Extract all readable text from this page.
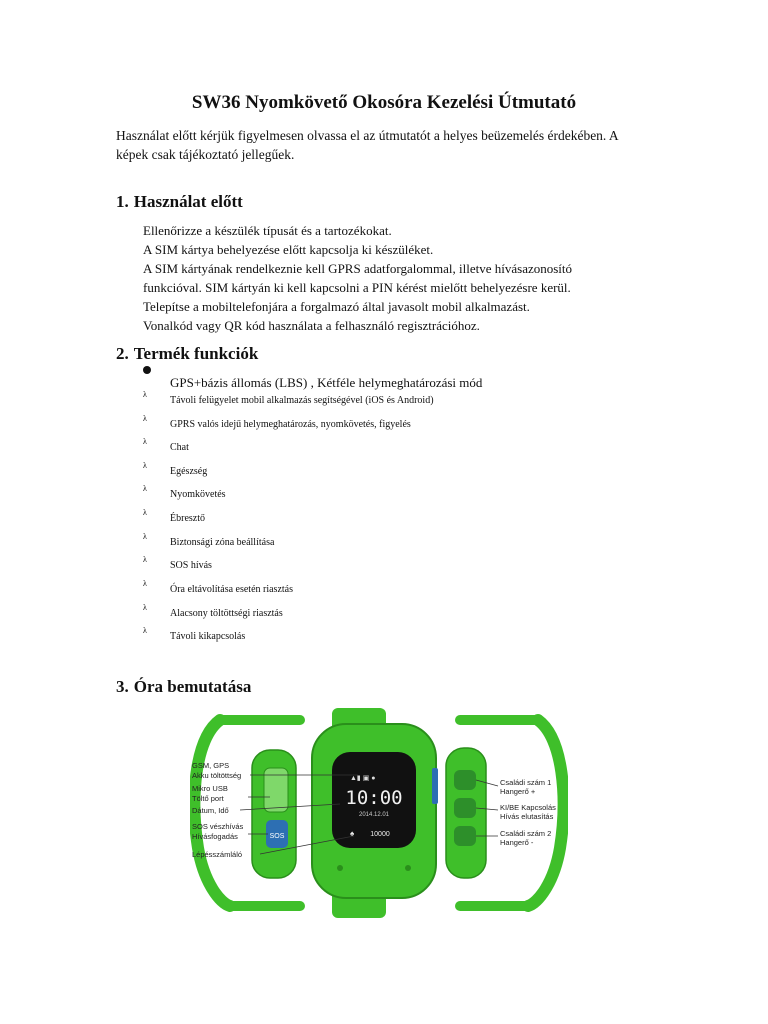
SW36 Nyomkövető Okosóra Kezelési Útmutató
Használat előtt kérjük figyelmesen olvassa el az útmutatót a helyes beüzemelés érdekében. A
képek csak tájékoztató jellegűek.
1. Használat előtt
Ellenőrizze a készülék típusát és a tartozékokat.
A SIM kártya behelyezése előtt kapcsolja ki készüléket.
A SIM kártyának rendelkeznie kell GPRS adatforgalommal, illetve hívásazonosító
funkcióval. SIM kártyán ki kell kapcsolni a PIN kérést mielőtt behelyezésre kerül.
Telepítse a mobiltelefonjára a forgalmazó által javasolt mobil alkalmazást.
Vonalkód vagy QR kód használata a felhasználó regisztrációhoz.
2. Termék funkciók
GPS+bázis állomás (LBS) , Kétféle helymeghatározási mód
λTávoli felügyelet mobil alkalmazás segítségével (iOS és Android)
λGPRS valós idejű helymeghatározás, nyomkövetés, figyelés
λChat
λEgészség
λNyomkövetés
λÉbresztő
λBiztonsági zóna beállítása
λSOS hívás
λÓra eltávolítása esetén riasztás
λAlacsony töltöttségi riasztás
λTávoli kikapcsolás
3. Óra bemutatása
SOS
▲▮ ▣ ●
10:00
2014.12.01
♠ 10000
GSM, GPS
Akku töltöttség
Mikro USB
Töltő port
Dátum, Idő
SOS vészhívás
Hívásfogadás
Lépésszámláló
Családi szám 1
Hangerő +
KI/BE Kapcsolás
Hívás elutasítás
Családi szám 2
Hangerő -
